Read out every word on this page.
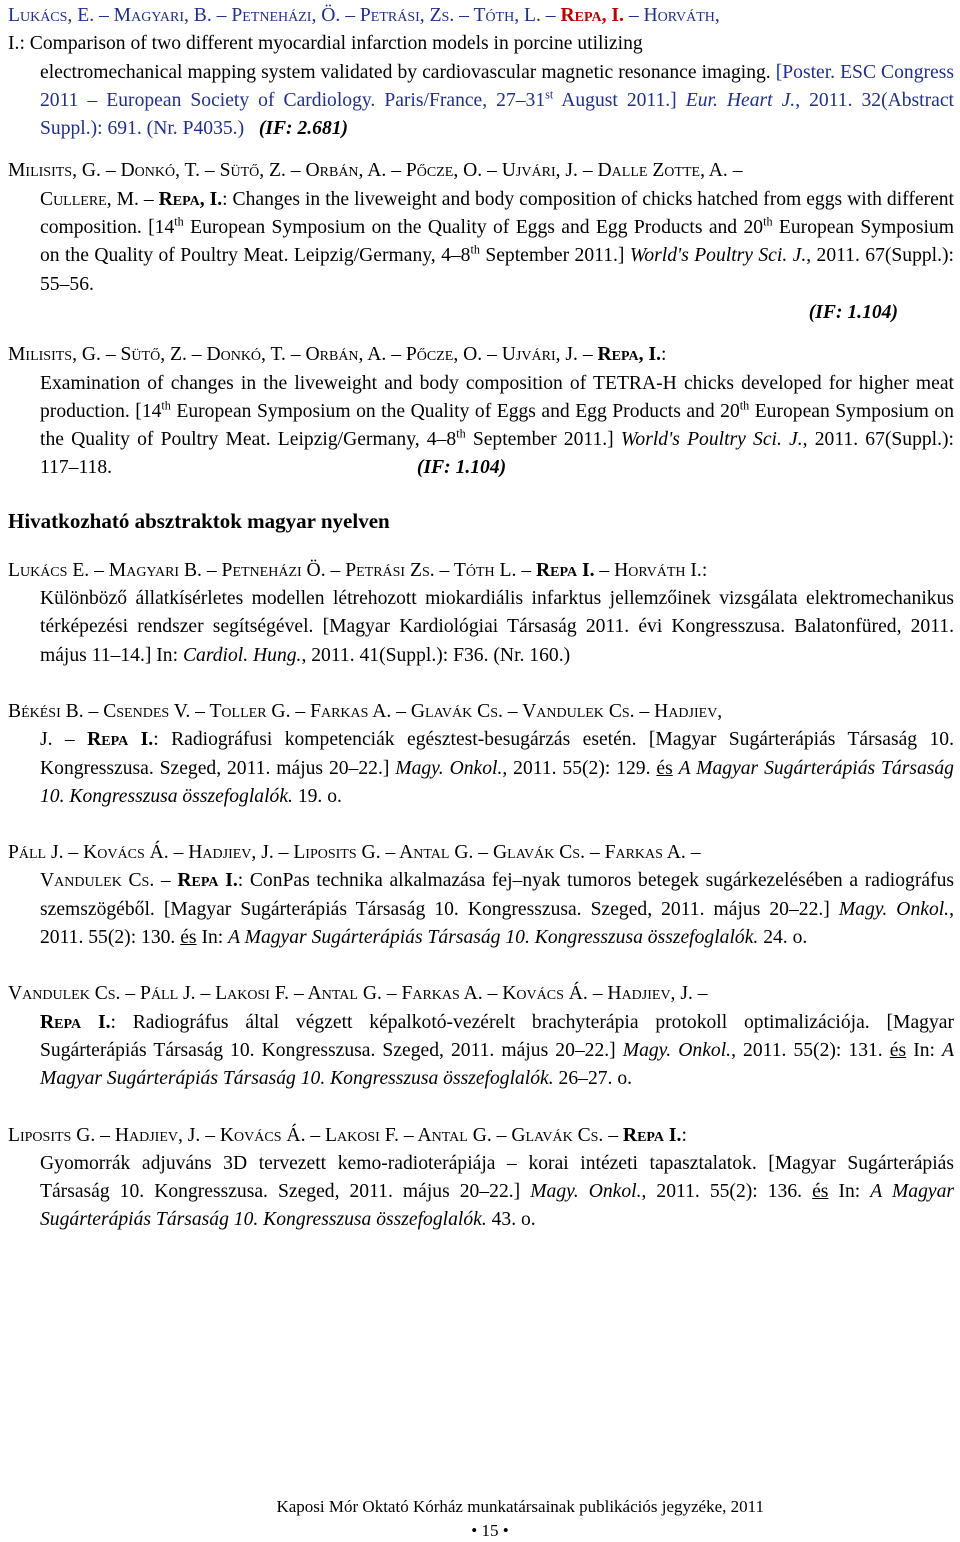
Lukács, E. – Magyari, B. – Petneházi, Ö. – Petrási, Zs. – Tóth, L. – Repa, I. – Horváth,
I.: Comparison of two different myocardial infarction models in porcine utilizing

electromechanical mapping system validated by cardiovascular magnetic resonance imaging. [Poster. ESC Congress 2011 – European Society of Cardiology. Paris/France, 27–31st August 2011.] Eur. Heart J., 2011. 32(Abstract Suppl.): 691. (Nr. P4035.) (IF: 2.681)
Milisits, G. – Donkó, T. – Sütő, Z. – Orbán, A. – Pőcze, O. – Ujvári, J. – Dalle Zotte, A. –
Cullere, M. – Repa, I.: Changes in the liveweight and body composition of chicks hatched from eggs with different composition. [14th European Symposium on the Quality of Eggs and Egg Products and 20th European Symposium on the Quality of Poultry Meat. Leipzig/Germany, 4–8th September 2011.] World's Poultry Sci. J., 2011. 67(Suppl.): 55–56.
(IF: 1.104)
Milisits, G. – Sütő, Z. – Donkó, T. – Orbán, A. – Pőcze, O. – Ujvári, J. – Repa, I.:
Examination of changes in the liveweight and body composition of TETRA-H chicks developed for higher meat production. [14th European Symposium on the Quality of Eggs and Egg Products and 20th European Symposium on the Quality of Poultry Meat. Leipzig/Germany, 4–8th September 2011.] World's Poultry Sci. J., 2011. 67(Suppl.): 117–118.	(IF: 1.104)
Hivatkozható absztraktok magyar nyelven
Lukács E. – Magyari B. – Petneházi Ö. – Petrási Zs. – Tóth L. – Repa I. – Horváth I.:
Különböző állatkísérletes modellen létrehozott miokardiális infarktus jellemzőinek vizsgálata elektromechanikus térképezési rendszer segítségével. [Magyar Kardiológiai Társaság 2011. évi Kongresszusa. Balatonfüred, 2011. május 11–14.] In: Cardiol. Hung., 2011. 41(Suppl.): F36. (Nr. 160.)
Békési B. – Csendes V. – Toller G. – Farkas A. – Glavák Cs. – Vandulek Cs. – Hadjiev,
J. – Repa I.: Radiográfusi kompetenciák egésztest-besugárzás esetén. [Magyar Sugárterápiás Társaság 10. Kongresszusa. Szeged, 2011. május 20–22.] Magy. Onkol., 2011. 55(2): 129. és A Magyar Sugárterápiás Társaság 10. Kongresszusa összefoglalók. 19. o.
Páll J. – Kovács Á. – Hadjiev, J. – Liposits G. – Antal G. – Glavák Cs. – Farkas A. –
Vandulek Cs. – Repa I.: ConPas technika alkalmazása fej–nyak tumoros betegek sugárkezelésében a radiográfus szemszögéből. [Magyar Sugárterápiás Társaság 10. Kongresszusa. Szeged, 2011. május 20–22.] Magy. Onkol., 2011. 55(2): 130. és In: A Magyar Sugárterápiás Társaság 10. Kongresszusa összefoglalók. 24. o.
Vandulek Cs. – Páll J. – Lakosi F. – Antal G. – Farkas A. – Kovács Á. – Hadjiev, J. –
Repa I.: Radiográfus által végzett képalkotó-vezérelt brachyterápia protokoll optimalizációja. [Magyar Sugárterápiás Társaság 10. Kongresszusa. Szeged, 2011. május 20–22.] Magy. Onkol., 2011. 55(2): 131. és In: A Magyar Sugárterápiás Társaság 10. Kongresszusa összefoglalók. 26–27. o.
Liposits G. – Hadjiev, J. – Kovács Á. – Lakosi F. – Antal G. – Glavák Cs. – Repa I.:
Gyomorrák adjuváns 3D tervezett kemo-radioterápiája – korai intézeti tapasztalatok. [Magyar Sugárterápiás Társaság 10. Kongresszusa. Szeged, 2011. május 20–22.] Magy. Onkol., 2011. 55(2): 136. és In: A Magyar Sugárterápiás Társaság 10. Kongresszusa összefoglalók. 43. o.
Kaposi Mór Oktató Kórház munkatársainak publikációs jegyzéke, 2011
• 15 •
